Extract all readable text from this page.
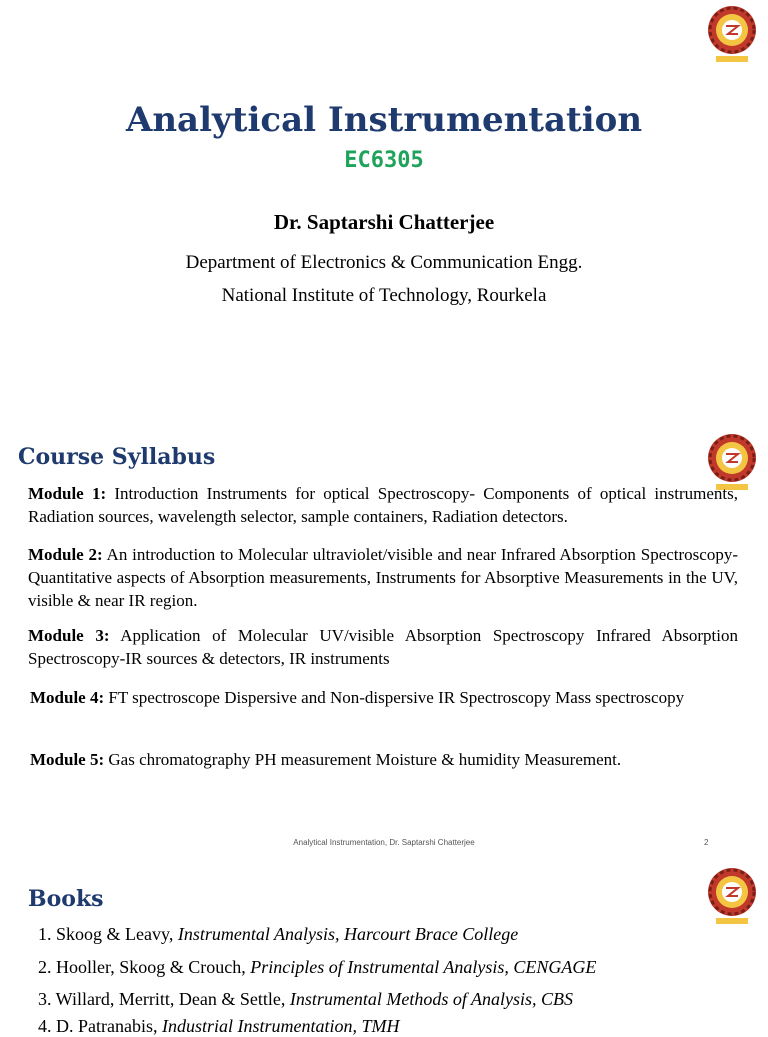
Analytical Instrumentation
EC6305
Dr. Saptarshi Chatterjee
Department of Electronics & Communication Engg.
National Institute of Technology, Rourkela
Course Syllabus
Module 1: Introduction Instruments for optical Spectroscopy- Components of optical instruments, Radiation sources, wavelength selector, sample containers, Radiation detectors.
Module 2: An introduction to Molecular ultraviolet/visible and near Infrared Absorption Spectroscopy-Quantitative aspects of Absorption measurements, Instruments for Absorptive Measurements in the UV, visible & near IR region.
Module 3: Application of Molecular UV/visible Absorption Spectroscopy Infrared Absorption Spectroscopy-IR sources & detectors, IR instruments
Module 4: FT spectroscope Dispersive and Non-dispersive IR Spectroscopy Mass spectroscopy
Module 5: Gas chromatography PH measurement Moisture & humidity Measurement.
Analytical Instrumentation, Dr. Saptarshi Chatterjee	2
Books
1. Skoog & Leavy, Instrumental Analysis, Harcourt Brace College
2. Hooller, Skoog & Crouch, Principles of Instrumental Analysis, CENGAGE
3. Willard, Merritt, Dean & Settle, Instrumental Methods of Analysis, CBS
4. D. Patranabis, Industrial Instrumentation, TMH
